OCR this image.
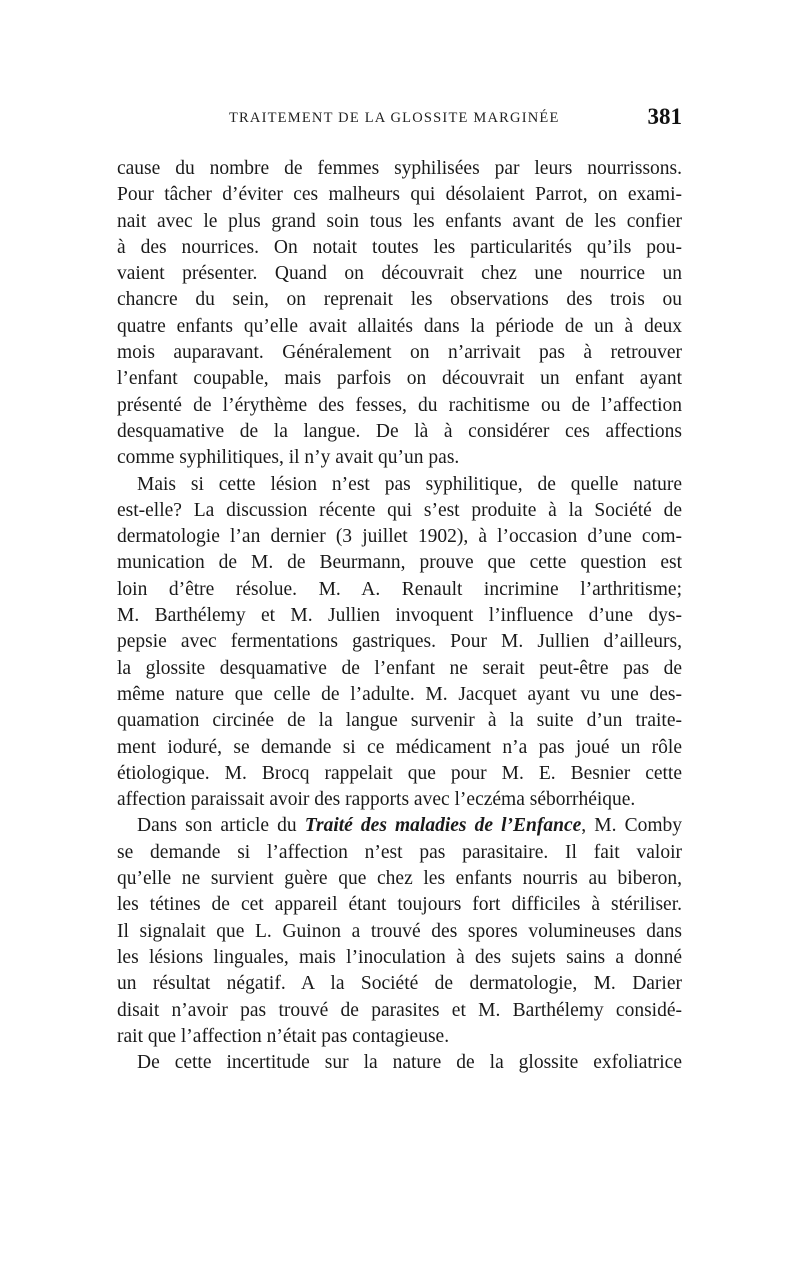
TRAITEMENT DE LA GLOSSITE MARGINÉE	381
cause du nombre de femmes syphilisées par leurs nourrissons.
Pour tâcher d’éviter ces malheurs qui désolaient Parrot, on exami-
nait avec le plus grand soin tous les enfants avant de les confier
à des nourrices. On notait toutes les particularités qu’ils pou-
vaient présenter. Quand on découvrait chez une nourrice un
chancre du sein, on reprenait les observations des trois ou
quatre enfants qu’elle avait allaités dans la période de un à deux
mois auparavant. Généralement on n’arrivait pas à retrouver
l’enfant coupable, mais parfois on découvrait un enfant ayant
présenté de l’érythème des fesses, du rachitisme ou de l’affection
desquamative de la langue. De là à considérer ces affections
comme syphilitiques, il n’y avait qu’un pas.
Mais si cette lésion n’est pas syphilitique, de quelle nature
est-elle? La discussion récente qui s’est produite à la Société de
dermatologie l’an dernier (3 juillet 1902), à l’occasion d’une com-
munication de M. de Beurmann, prouve que cette question est
loin d’être résolue. M. A. Renault incrimine l’arthritisme;
M. Barthélemy et M. Jullien invoquent l’influence d’une dys-
pepsie avec fermentations gastriques. Pour M. Jullien d’ailleurs,
la glossite desquamative de l’enfant ne serait peut-être pas de
même nature que celle de l’adulte. M. Jacquet ayant vu une des-
quamation circinée de la langue survenir à la suite d’un traite-
ment ioduré, se demande si ce médicament n’a pas joué un rôle
étiologique. M. Brocq rappelait que pour M. E. Besnier cette
affection paraissait avoir des rapports avec l’eczéma séborrhéique.
Dans son article du Traité des maladies de l’Enfance, M. Comby
se demande si l’affection n’est pas parasitaire. Il fait valoir
qu’elle ne survient guère que chez les enfants nourris au biberon,
les tétines de cet appareil étant toujours fort difficiles à stériliser.
Il signalait que L. Guinon a trouvé des spores volumineuses dans
les lésions linguales, mais l’inoculation à des sujets sains a donné
un résultat négatif. A la Société de dermatologie, M. Darier
disait n’avoir pas trouvé de parasites et M. Barthélemy considé-
rait que l’affection n’était pas contagieuse.
De cette incertitude sur la nature de la glossite exfoliatrice
